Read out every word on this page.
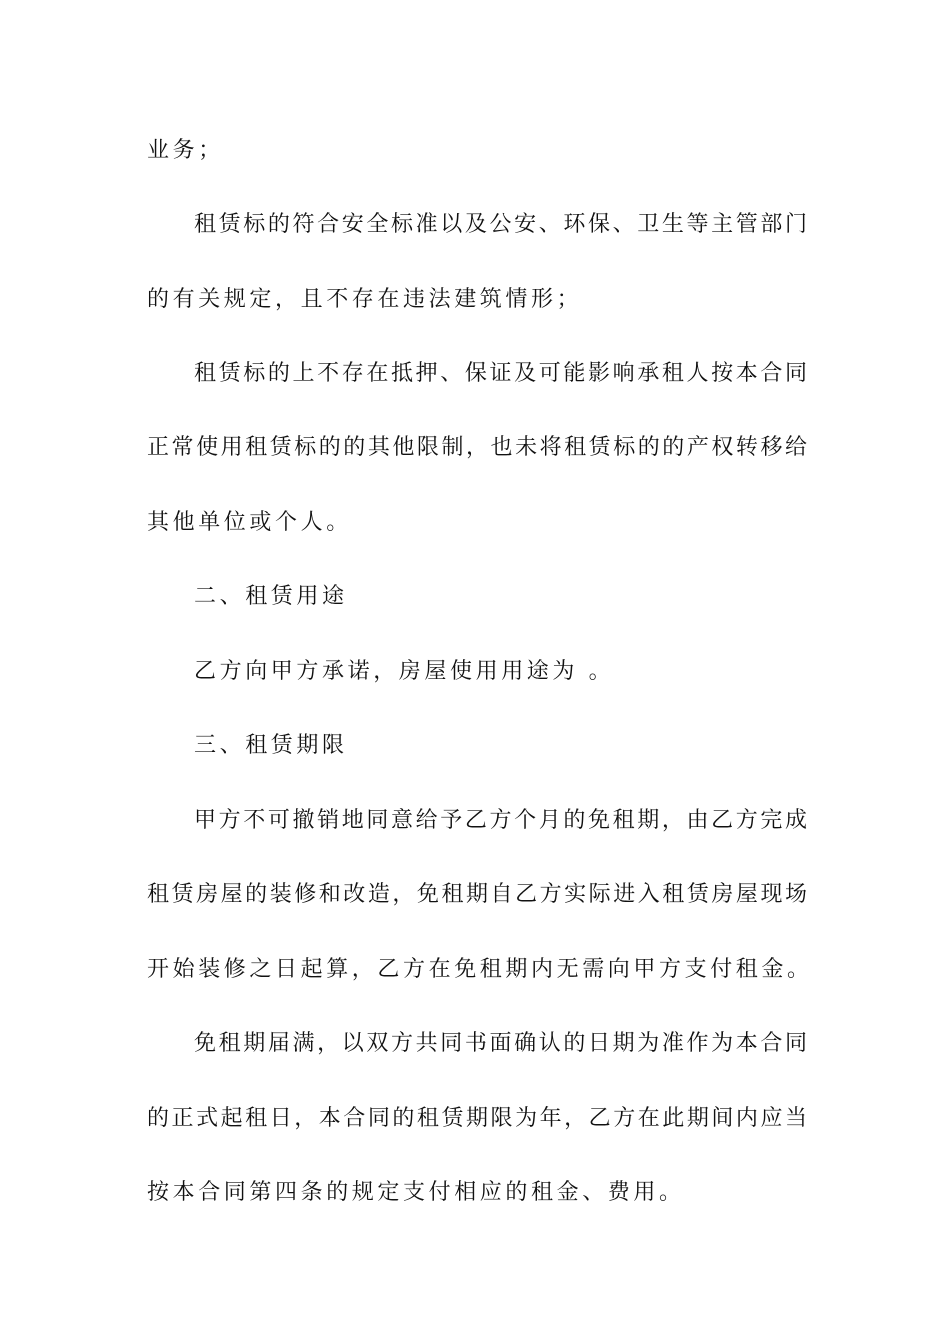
业务；
租赁标的符合安全标准以及公安、环保、卫生等主管部门
的有关规定，且不存在违法建筑情形；
租赁标的上不存在抵押、保证及可能影响承租人按本合同
正常使用租赁标的的其他限制，也未将租赁标的的产权转移给
其他单位或个人。
二、租赁用途
乙方向甲方承诺，房屋使用用途为 。
三、租赁期限
甲方不可撤销地同意给予乙方个月的免租期，由乙方完成
租赁房屋的装修和改造，免租期自乙方实际进入租赁房屋现场
开始装修之日起算，乙方在免租期内无需向甲方支付租金。
免租期届满，以双方共同书面确认的日期为准作为本合同
的正式起租日，本合同的租赁期限为年，乙方在此期间内应当
按本合同第四条的规定支付相应的租金、费用。
